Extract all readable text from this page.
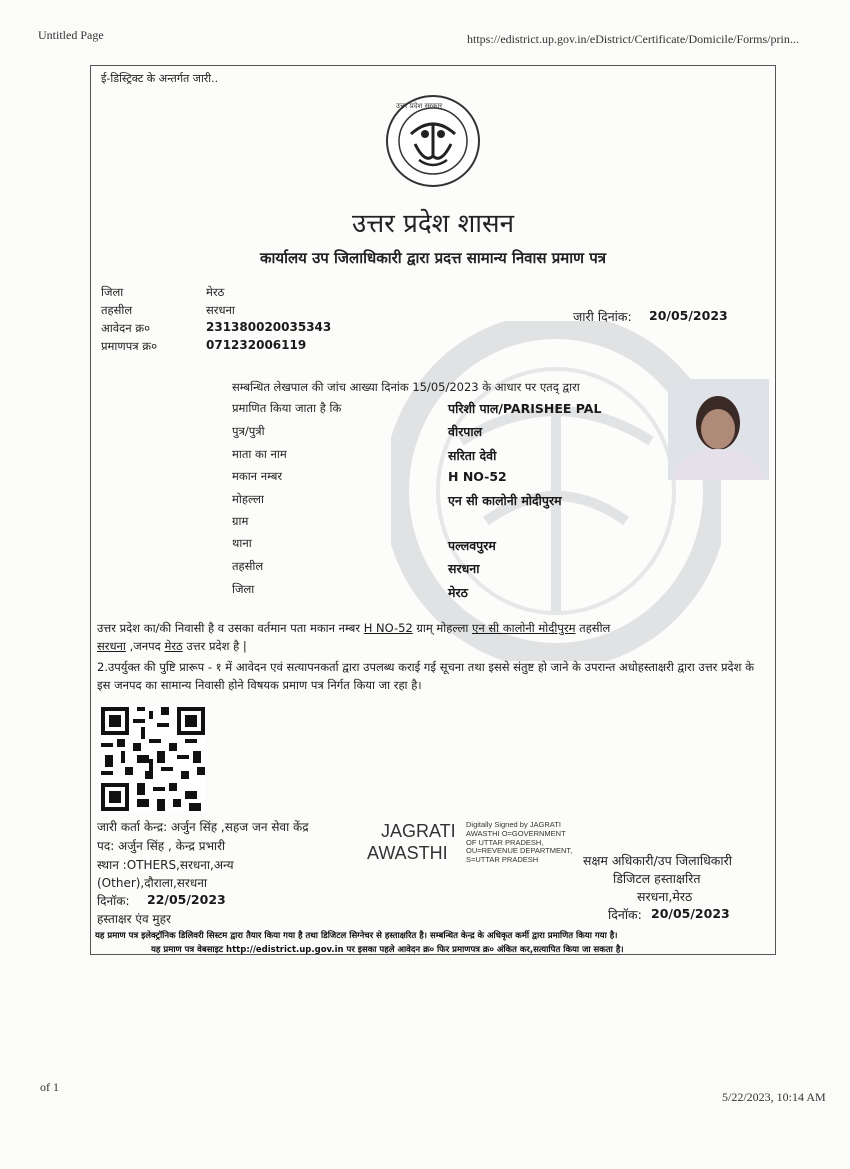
Untitled Page	https://edistrict.up.gov.in/eDistrict/Certificate/Domicile/Forms/prin...
of 1
5/22/2023, 10:14 AM
ई-डिस्ट्रिक्ट के अन्तर्गत जारी..
उत्तर प्रदेश सरकार
उत्तर प्रदेश शासन
कार्यालय उप जिलाधिकारी द्वारा प्रदत्त सामान्य निवास प्रमाण पत्र
जिला	मेरठ
तहसील	सरधना
आवेदन क्र०	231380020035343
प्रमाणपत्र क्र०	071232006119
जारी दिनांक: 20/05/2023
सम्बन्धित लेखपाल की जांच आख्या दिनांक 15/05/2023 के आधार पर एतद् द्वारा
प्रमाणित किया जाता है कि	परिशी पाल/PARISHEE PAL
पुत्र/पुत्री	वीरपाल
माता का नाम	सरिता देवी
मकान नम्बर	H NO-52
मोहल्ला	एन सी कालोनी मोदीपुरम
ग्राम
थाना	पल्लवपुरम
तहसील	सरधना
जिला	मेरठ
उत्तर प्रदेश का/की निवासी है व उसका वर्तमान पता मकान नम्बर H NO-52 ग्राम् मोहल्ला एन सी कालोनी मोदीपुरम तहसील
सरधना ,जनपद मेरठ उत्तर प्रदेश है |
2.उपर्युक्त की पुष्टि प्रारूप - १ में आवेदन एवं सत्यापनकर्ता द्वारा उपलब्ध कराई गई सूचना तथा इससे संतुष्ट हो जाने के उपरान्त अधोहस्ताक्षरी द्वारा उत्तर प्रदेश के इस जनपद का सामान्य निवासी होने विषयक प्रमाण पत्र निर्गत किया जा रहा है।
जारी कर्ता केन्द्र: अर्जुन सिंह ,सहज जन सेवा केंद्र
पद: अर्जुन सिंह , केन्द्र प्रभारी
स्थान :OTHERS,सरधना,अन्य
(Other),दौराला,सरधना
दिनॉक: 22/05/2023
हस्ताक्षर एंव मुहर
JAGRATI
AWASTHI
Digitally Signed by JAGRATI AWASTHI O=GOVERNMENT OF UTTAR PRADESH, OU=REVENUE DEPARTMENT, S=UTTAR PRADESH	सक्षम अधिकारी/उप जिलाधिकारी
डिजिटल हस्ताक्षरित
सरधना,मेरठ
दिनॉक: 20/05/2023
यह प्रमाण पत्र इलेक्ट्रॉनिक डिलिवरी सिस्टम द्वारा तैयार किया गया है तथा डिजिटल सिग्नेचर से हस्ताक्षरित है। सम्बन्धित केन्द्र के अधिकृत कर्मी द्वारा प्रमाणित किया गया है।
यह प्रमाण पत्र वेबसाइट http://edistrict.up.gov.in पर इसका पहले आवेदन क्र० फिर प्रमाणपत्र क्र० अंकित कर,सत्यापित किया जा सकता है।
